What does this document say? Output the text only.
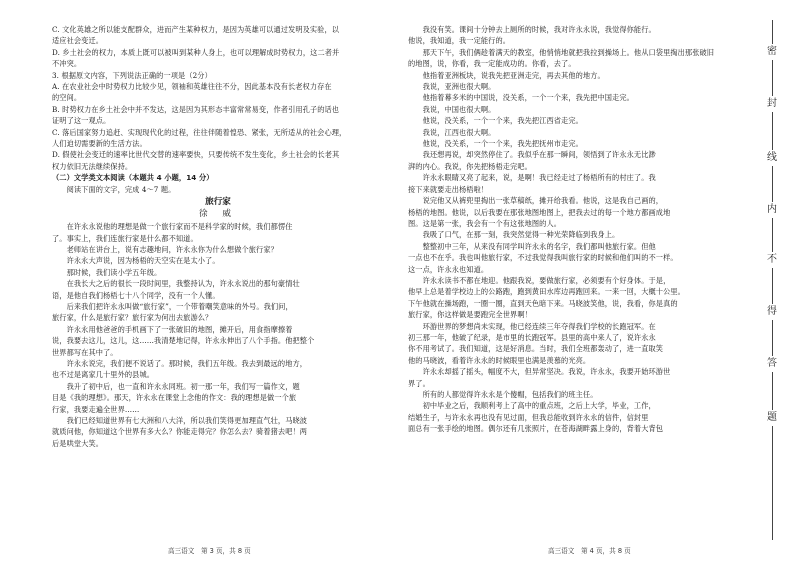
C. 文化英雄之所以能支配群众，进而产生某种权力，是因为英雄可以通过发明及实验，以
适应社会变迁。
D. 乡土社会的权力，本质上既可以被叫到某种人身上，也可以理解成时势权力，这二者并
不冲突。
3. 根据原文内容，下列说法正确的一项是（2分）
A. 在农业社会中时势权力比较少见，领袖和英雄往往不分，因此基本没有长老权力存在
的空间。
B. 时势权力在乡土社会中并不发达，这是因为其形态丰富常常易变，作者引用孔子的话也
证明了这一观点。
C. 落后国家努力追赶、实现现代化的过程，往往伴随着惶恐、紧张，无所适从的社会心理，
人们迫切需要新的生活方法。
D. 假使社会变迁的速率比世代交替的速率要快，只要传统不发生变化，乡土社会的长老其
权力依旧无法继续保持。
（二）文学类文本阅读（本题共 4 小题，14 分）
　　阅读下面的文字，完成 4～7 题。
旅行家
徐 威
　　在许永永说他的理想是做一个旅行家而不是科学家的时候，我们都愣住
了。事实上，我们连旅行家是什么都不知道。
　　老师站在讲台上，说有志趣地问，许永永你为什么想做个旅行家？
　　许永永大声说，因为杨梧的天空实在是太小了。
　　那时候，我们读小学五年级。
　　在我长大之后的很长一段时间里，我整持认为，许永永说出的那句豪情壮
语，是他自我们杨梧七十八个同学，没有一个人懂。
　　后来我们把许永永叫做“旅行家”，一个带着嘲笑意味的外号。我们问，
旅行家，什么是旅行家？旅行家为何出去旅游么？
　　许永永用他爸爸的手机画下了一张破旧的地图，摊开后，用食指摩擦着
说，我要去这儿，这儿，这……我清楚地记得，许永永伸出了八个手指。他把整个
世界都写在其中了。
　　许永永说完，我们便不说话了。那时候，我们五年级。我去到最远的地方，
也不过是离家几十里外的县城。
　　我升了初中后，也一直和许永永同班。初一那一年，我们写一篇作文，题
目是《我的理想》。那天，许永永在课堂上念他的作文：我的理想是做一个旅
行家，我要走遍全世界……
　　我们已经知道世界有七大洲和八大洋，所以我们笑得更加理直气壮，马晓波
就质问他，你知道这个世界有多大么？你能走得完？你怎么去？骑着猪去吧！两
后是哄堂大笑。
　　我没有笑。课间十分钟去上厕所的时候，我对许永永说，我觉得你能行。
他说，我知道，我一定能行的。
　　那天下午，我们俩趁着满天的教室，他悄悄地就把我拉到操场上。他从口袋里掏出那张破旧
的地图，说，你看，我一定能成功的。你看，去了。
　　他指着亚洲板块，说我先把亚洲走完，再去其他的地方。
　　我说，亚洲也很大啊。
　　他指着幕多米的中国说，没关系，一个一个来，我先把中国走完。
　　我说，中国也很大啊。
　　他说，没关系，一个一个来，我先把江西省走完。
　　我说，江西也很大啊。
　　他说，没关系，一个一个来，我先把抚州市走完。
　　我还想再说，却突然停住了。我似乎在那一瞬间，领悟到了许永永无比渺
湃的内心。我说，你先把杨梧走完吧。
　　许永永眼睛又亮了起来，说，是啊！我已经走过了杨梧所有的村庄了。我
接下来就要走出杨梧啦！
　　说完他又从裤兜里掏出一张草稿纸，摊开给我看。他说，这是我自己画的，
杨梧的地图。他说，以后我要在那张地图地图上，把我去过的每一个地方都画成地
图。这是第一张，我会有一个有这张地图的人。
　　我吸了口气，在那一刻，我突然觉得一种光荣降临到我身上。
　　整整初中三年，从来没有同学叫许永永的名字，我们都叫他旅行家。但他
一点也不在乎。我也叫他旅行家，不过我觉得我叫旅行家的时候和他们叫的不一样。
这一点，许永永也知道。
　　许永永读书不都在地迎。他跟我说，要做旅行家，必须要有个好身体。于是，
他早上总是着学校边上的公路跑，跑到黄田水库边再跑回来。一来一回，大概十公里。
下午他就在操场跑，一圈一圈，直到天色暗下来。马晓波笑他，说，我看，你是真的
旅行家，你这样做是要跑完全世界啊！
　　环游世界的梦想尚未实现，他已经连续三年夺得我们学校的长跑冠军。在
初三那一年，他破了纪录，是市里的长跑冠军。县里的高中来人了，说许永永
你不用考试了。我们知道，这是好消息。当时，我们全班都轰动了，进一直取笑
他的马晓波，看着许永永的时候眼里也满是羡慕的光亮。
　　许永永却摇了摇头，幅度不大，但异常坚决。我说，许永永，我要开始环游世
界了。
　　所有的人都觉得许永永是个傻帽，包括我们的班主任。
　　初中毕业之后，我顺利考上了高中的重点班，之后上大学，毕业，工作，
结婚生子，与许永永再也没有见过面，但我总能收到许永永的信件，信封里
面总有一张手绘的地图。偶尔还有几张照片，在苍海湖畔露上身的，背着大背包
高三语文　第 3 页，共 8 页	高三语文　第 4 页，共 8 页
密
封
线
内
不
得
答
题
